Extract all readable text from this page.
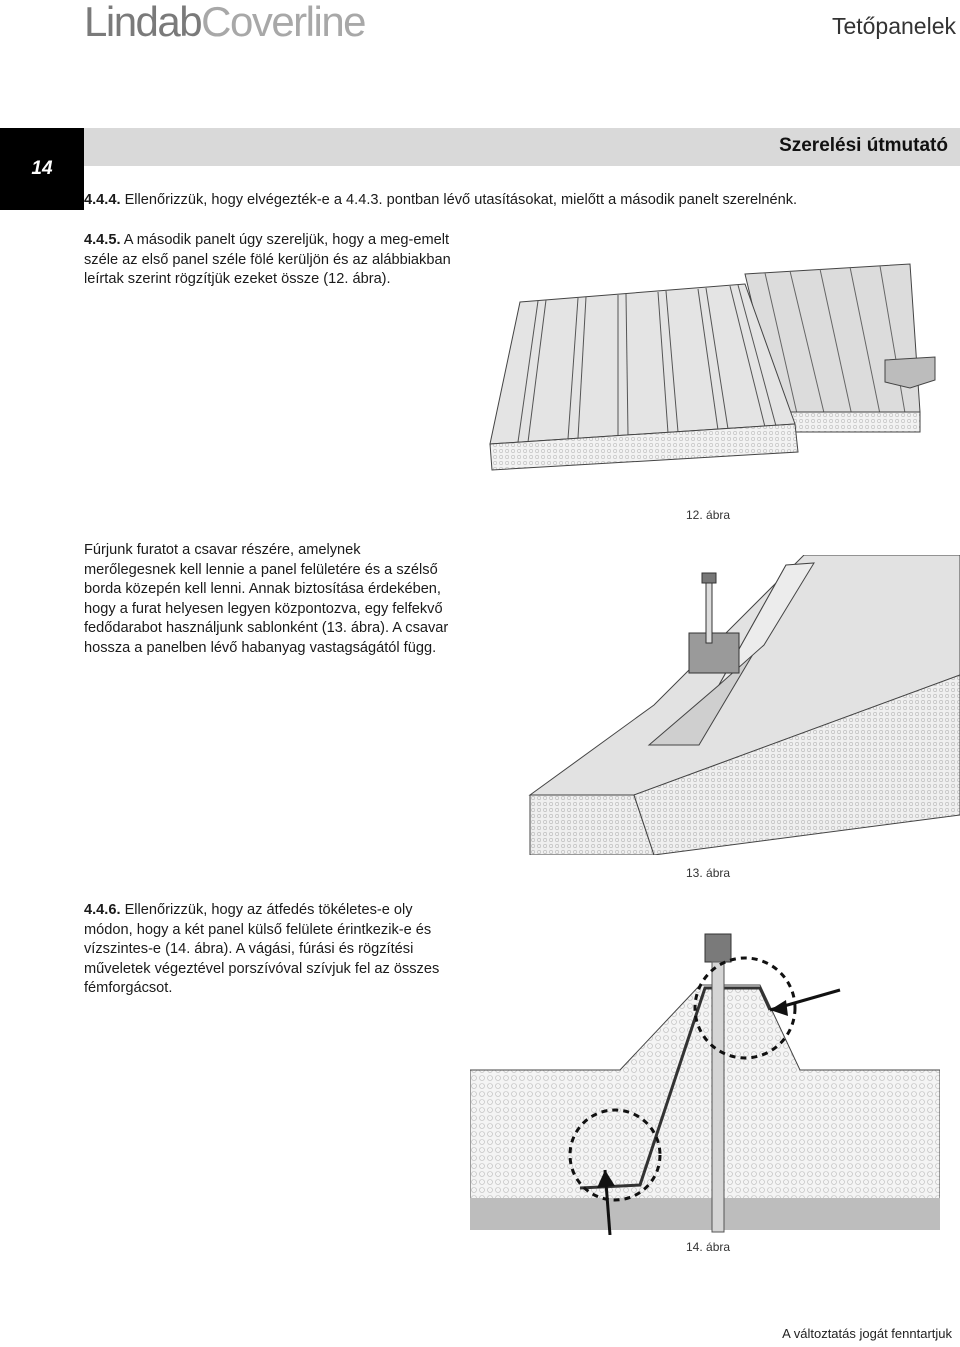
LindabCoverline	Tetőpanelek
14
Szerelési útmutató

4.4.4. Ellenőrizzük, hogy elvégezték-e a 4.4.3. pontban lévő utasításokat, mielőtt a második panelt szerelnénk.

4.4.5. A második panelt úgy szereljük, hogy a meg-emelt széle az első panel széle fölé kerüljön és az alábbiakban leírtak szerint rögzítjük ezeket össze (12. ábra).

Fúrjunk furatot a csavar részére, amelynek merőlegesnek kell lennie a panel felületére és a szélső borda közepén kell lenni. Annak biztosítása érdekében, hogy a furat helyesen legyen központozva, egy felfekvő fedődarabot használjunk sablonként (13. ábra). A csavar hossza a panelben lévő habanyag vastagságától függ.

4.4.6. Ellenőrizzük, hogy az átfedés tökéletes-e oly módon, hogy a két panel külső felülete érintkezik-e és vízszintes-e (14. ábra). A vágási, fúrási és rögzítési műveletek végeztével porszívóval szívjuk fel az összes fémforgácsot.

12. ábra
13. ábra
14. ábra
A változtatás jogát fenntartjuk
